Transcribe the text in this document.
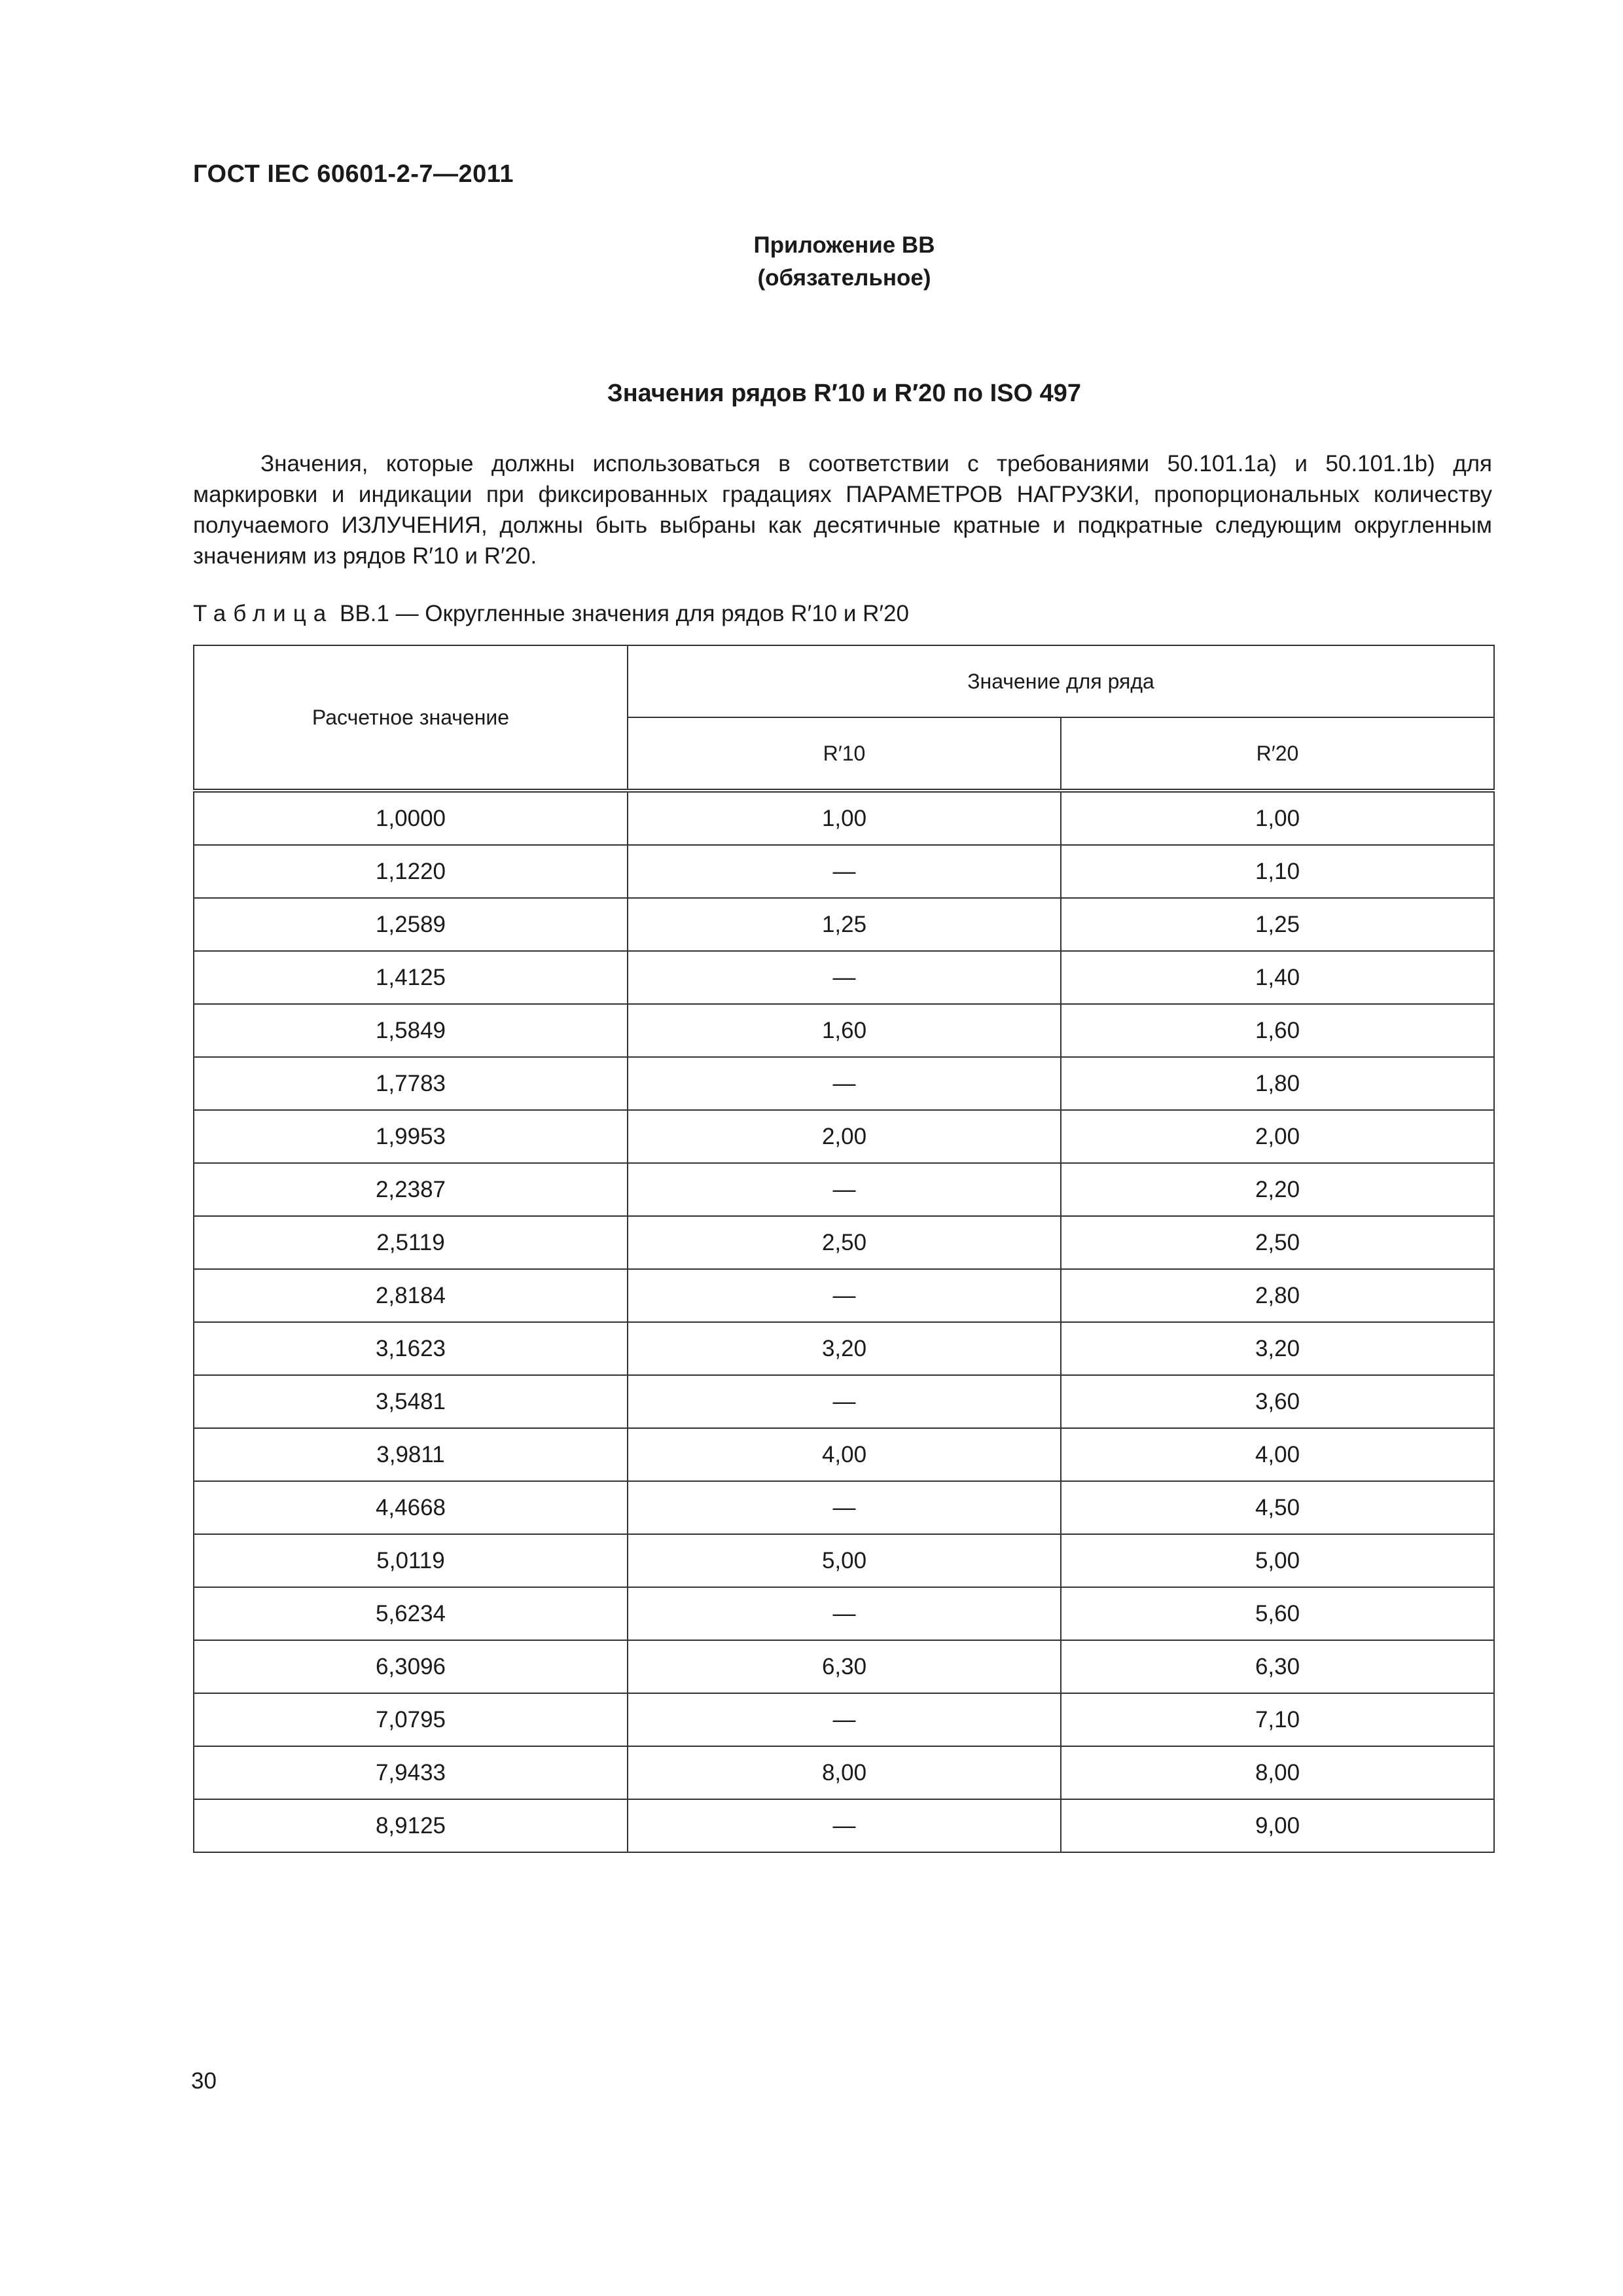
ГОСТ IEC 60601-2-7—2011
Приложение ВВ
(обязательное)
Значения рядов R′10 и R′20 по ISO 497

Значения, которые должны использоваться в соответствии с требованиями 50.101.1a) и 50.101.1b) для маркировки и индикации при фиксированных градациях ПАРАМЕТРОВ НАГРУЗКИ, пропорциональных количеству получаемого ИЗЛУЧЕНИЯ, должны быть выбраны как десятичные кратные и подкратные следующим округленным значениям из рядов R′10 и R′20.

Таблица ВВ.1 — Округленные значения для рядов R′10 и R′20
Расчетное значение	Значение для ряда	
	R′10	R′20
1,0000	1,00	1,00
1,1220	—	1,10
1,2589	1,25	1,25
1,4125	—	1,40
1,5849	1,60	1,60
1,7783	—	1,80
1,9953	2,00	2,00
2,2387	—	2,20
2,5119	2,50	2,50
2,8184	—	2,80
3,1623	3,20	3,20
3,5481	—	3,60
3,9811	4,00	4,00
4,4668	—	4,50
5,0119	5,00	5,00
5,6234	—	5,60
6,3096	6,30	6,30
7,0795	—	7,10
7,9433	8,00	8,00
8,9125	—	9,00
30
